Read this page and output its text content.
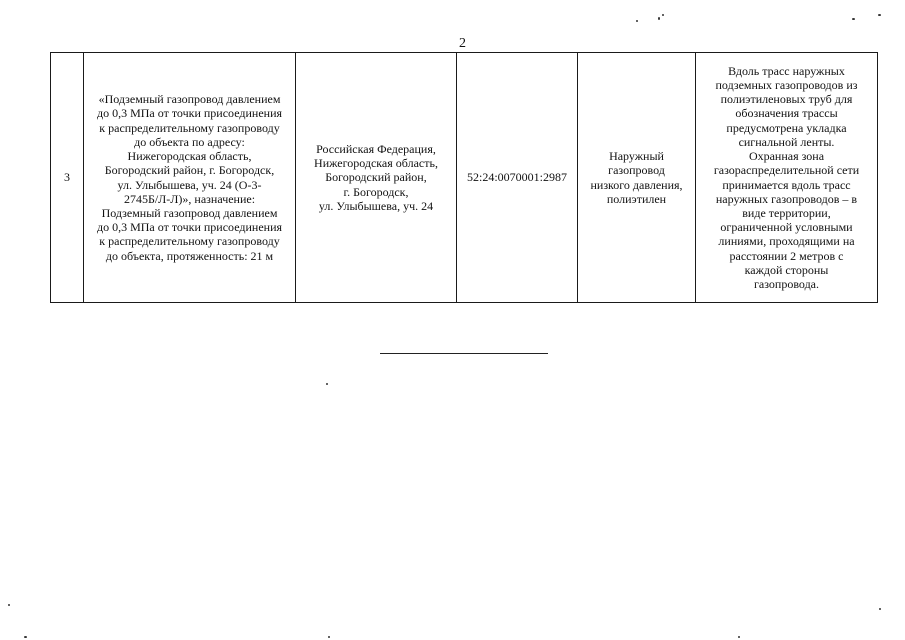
2
3

«Подземный газопровод давлением
до 0,3 МПа от точки присоединения
к распределительному газопроводу
до объекта по адресу:
Нижегородская область,
Богородский район, г. Богородск,
ул. Улыбышева, уч. 24 (О-3-
2745Б/Л-Л)», назначение:
Подземный газопровод давлением
до 0,3 МПа от точки присоединения
к распределительному газопроводу
до объекта, протяженность: 21 м

Российская Федерация,
Нижегородская область,
Богородский район,
г. Богородск,
ул. Улыбышева, уч. 24

52:24:0070001:2987

Наружный
газопровод
низкого давления,
полиэтилен

Вдоль трасс наружных
подземных газопроводов из
полиэтиленовых труб для
обозначения трассы
предусмотрена укладка
сигнальной ленты.
Охранная зона
газораспределительной сети
принимается вдоль трасс
наружных газопроводов – в
виде территории,
ограниченной условными
линиями, проходящими на
расстоянии 2 метров с
каждой стороны
газопровода.
